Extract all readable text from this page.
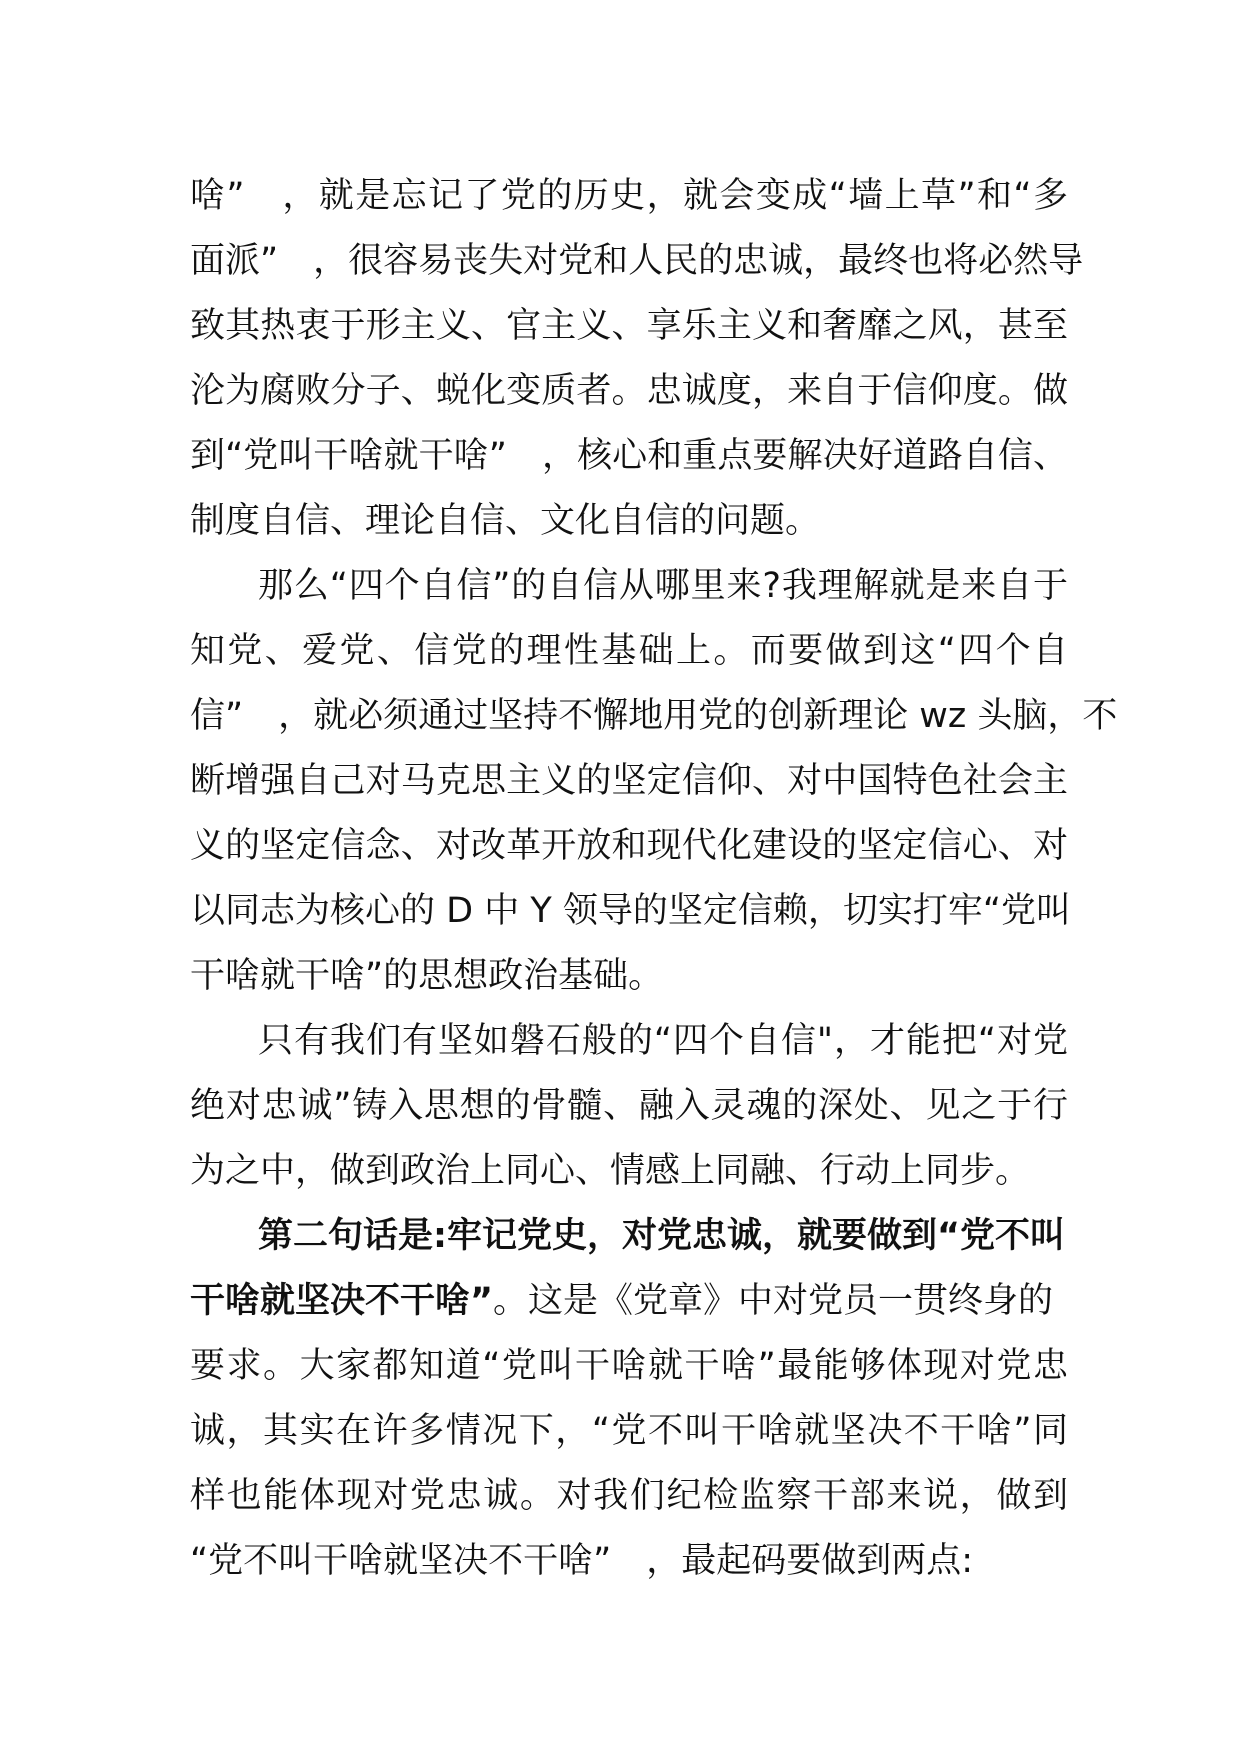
啥”　，就是忘记了党的历史，就会变成“墙上草”和“多
面派”　，很容易丧失对党和人民的忠诚，最终也将必然导
致其热衷于形主义、官主义、享乐主义和奢靡之风，甚至
沦为腐败分子、蜕化变质者。忠诚度，来自于信仰度。做
到“党叫干啥就干啥”　，核心和重点要解决好道路自信、
制度自信、理论自信、文化自信的问题。
那么“四个自信”的自信从哪里来?我理解就是来自于
知党、爱党、信党的理性基础上。而要做到这“四个自
信”　，就必须通过坚持不懈地用党的创新理论 wz 头脑，不
断增强自己对马克思主义的坚定信仰、对中国特色社会主
义的坚定信念、对改革开放和现代化建设的坚定信心、对
以同志为核心的 D 中 Y 领导的坚定信赖，切实打牢“党叫
干啥就干啥”的思想政治基础。
只有我们有坚如磐石般的“四个自信"，才能把“对党
绝对忠诚”铸入思想的骨髓、融入灵魂的深处、见之于行
为之中，做到政治上同心、情感上同融、行动上同步。
第二句话是:牢记党史，对党忠诚，就要做到“党不叫
干啥就坚决不干啥”。这是《党章》中对党员一贯终身的
要求。大家都知道“党叫干啥就干啥”最能够体现对党忠
诚，其实在许多情况下，“党不叫干啥就坚决不干啥”同
样也能体现对党忠诚。对我们纪检监察干部来说，做到
“党不叫干啥就坚决不干啥”　，最起码要做到两点:
